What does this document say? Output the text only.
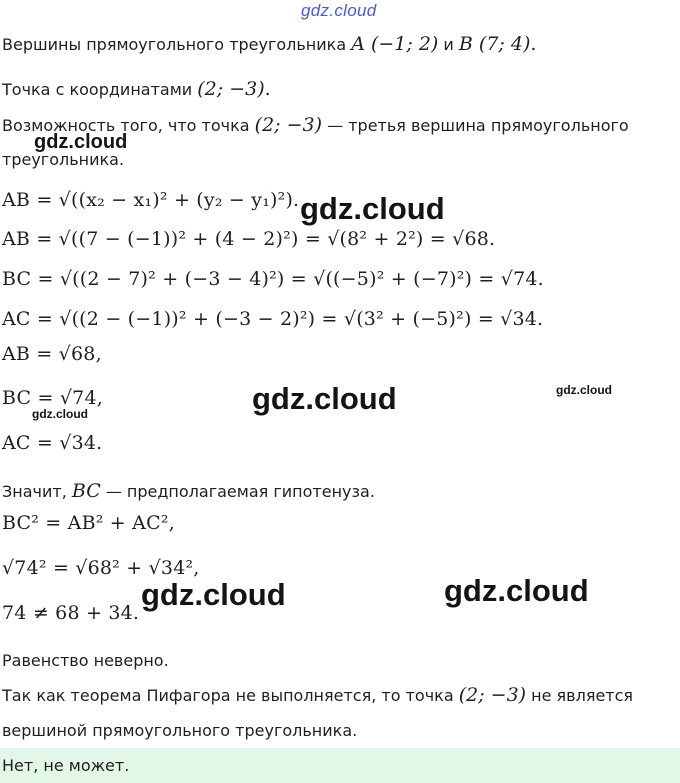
gdz.cloud
Вершины прямоугольного треугольника A (−1; 2) и B (7; 4).
Точка с координатами (2; −3).
Возможность того, что точка (2; −3) — третья вершина прямоугольного
треугольника.
AB = √((x₂ − x₁)² + (y₂ − y₁)²).
AB = √((7 − (−1))² + (4 − 2)²) = √(8² + 2²) = √68.
BC = √((2 − 7)² + (−3 − 4)²) = √((−5)² + (−7)²) = √74.
AC = √((2 − (−1))² + (−3 − 2)²) = √(3² + (−5)²) = √34.
AB = √68,
BC = √74,
AC = √34.
Значит, BC — предполагаемая гипотенуза.
BC² = AB² + AC²,
√74² = √68² + √34²,
74 ≠ 68 + 34.
Равенство неверно.
Так как теорема Пифагора не выполняется, то точка (2; −3) не является
вершиной прямоугольного треугольника.
Нет, не может.
gdz.cloud
gdz.cloud
gdz.cloud	gdz.cloud
gdz.cloud
gdz.cloud	gdz.cloud
